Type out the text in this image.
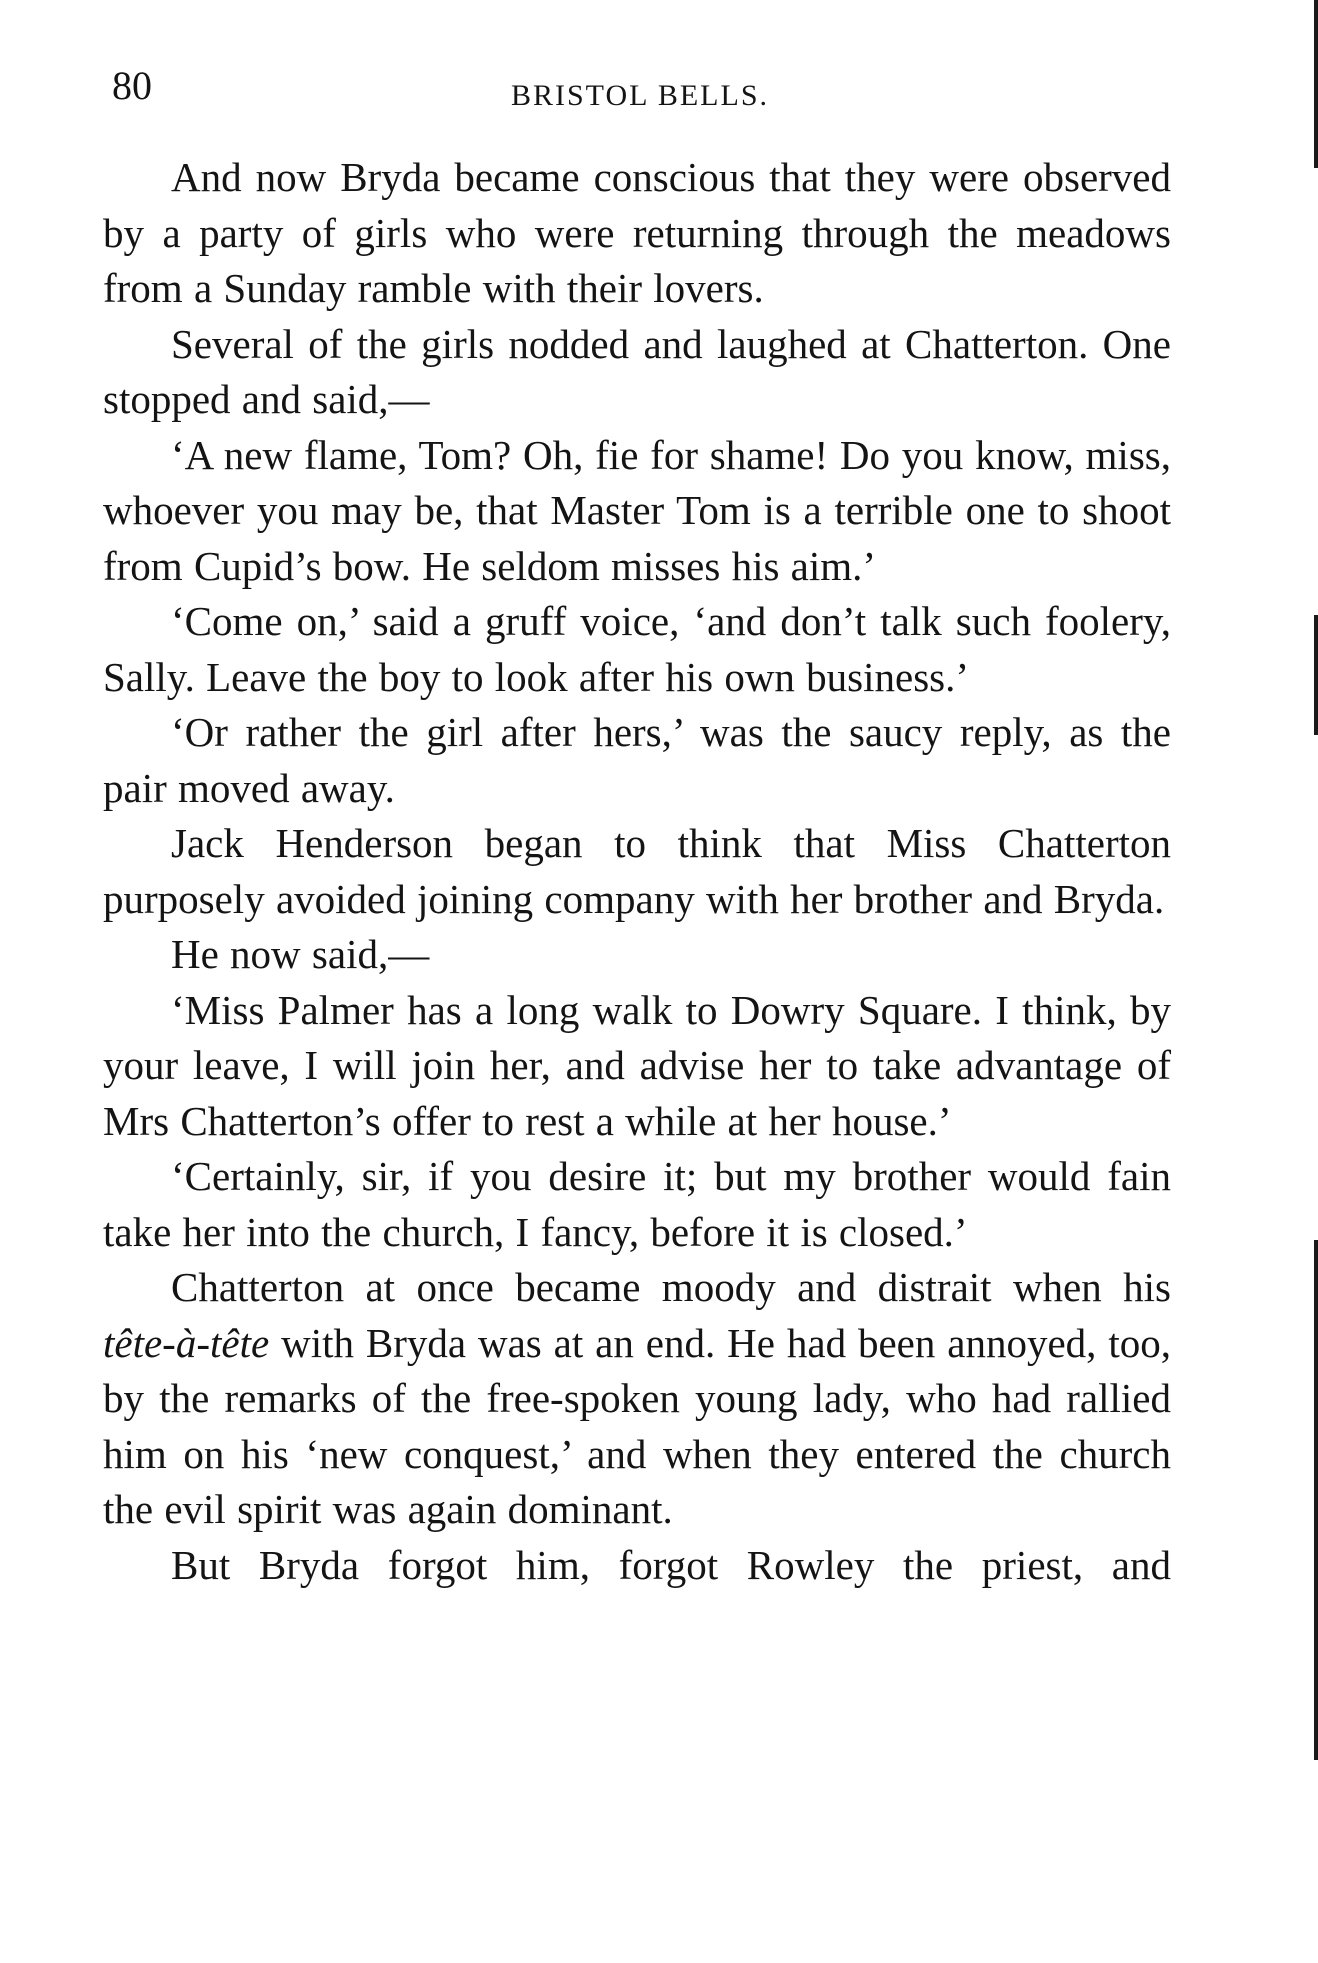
80	BRISTOL BELLS.

And now Bryda became conscious that they were observed by a party of girls who were returning through the meadows from a Sunday ramble with their lovers.

Several of the girls nodded and laughed at Chatterton. One stopped and said,—

‘A new flame, Tom? Oh, fie for shame! Do you know, miss, whoever you may be, that Master Tom is a terrible one to shoot from Cupid’s bow. He seldom misses his aim.’

‘Come on,’ said a gruff voice, ‘and don’t talk such foolery, Sally. Leave the boy to look after his own business.’

‘Or rather the girl after hers,’ was the saucy reply, as the pair moved away.

Jack Henderson began to think that Miss Chatterton purposely avoided joining company with her brother and Bryda.

He now said,—

‘Miss Palmer has a long walk to Dowry Square. I think, by your leave, I will join her, and advise her to take advantage of Mrs Chatterton’s offer to rest a while at her house.’

‘Certainly, sir, if you desire it; but my brother would fain take her into the church, I fancy, before it is closed.’

Chatterton at once became moody and distrait when his tête-à-tête with Bryda was at an end. He had been annoyed, too, by the remarks of the free-spoken young lady, who had rallied him on his ‘new conquest,’ and when they entered the church the evil spirit was again dominant.

But Bryda forgot him, forgot Rowley the priest, and
